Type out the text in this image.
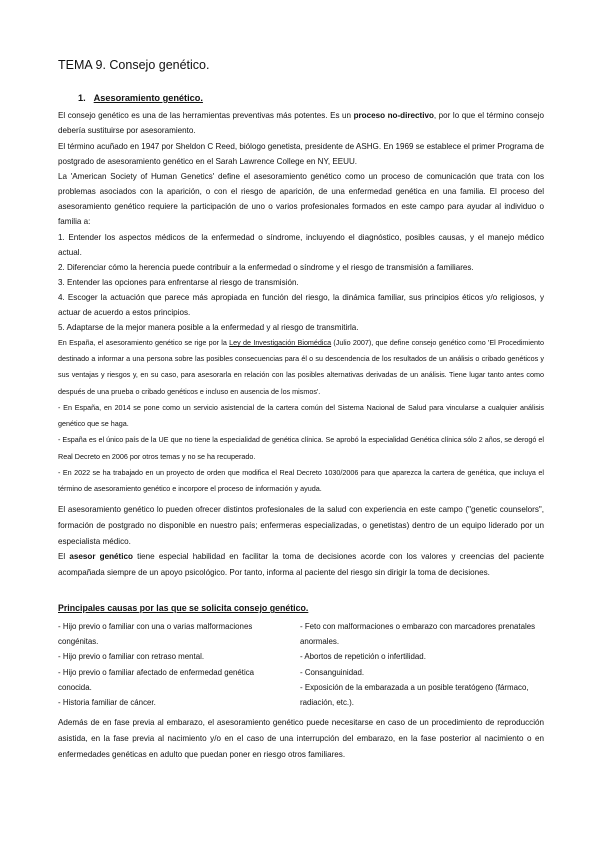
TEMA 9. Consejo genético.
1. Asesoramiento genético.
El consejo genético es una de las herramientas preventivas más potentes. Es un proceso no-directivo, por lo que el término consejo debería sustituirse por asesoramiento.
El término acuñado en 1947 por Sheldon C Reed, biólogo genetista, presidente de ASHG. En 1969 se establece el primer Programa de postgrado de asesoramiento genético en el Sarah Lawrence College en NY, EEUU.
La 'American Society of Human Genetics' define el asesoramiento genético como un proceso de comunicación que trata con los problemas asociados con la aparición, o con el riesgo de aparición, de una enfermedad genética en una familia. El proceso del asesoramiento genético requiere la participación de uno o varios profesionales formados en este campo para ayudar al individuo o familia a:

1. Entender los aspectos médicos de la enfermedad o síndrome, incluyendo el diagnóstico, posibles causas, y el manejo médico actual.

2. Diferenciar cómo la herencia puede contribuir a la enfermedad o síndrome y el riesgo de transmisión a familiares.

3. Entender las opciones para enfrentarse al riesgo de transmisión.

4. Escoger la actuación que parece más apropiada en función del riesgo, la dinámica familiar, sus principios éticos y/o religiosos, y actuar de acuerdo a estos principios.

5. Adaptarse de la mejor manera posible a la enfermedad y al riesgo de transmitirla.

En España, el asesoramiento genético se rige por la Ley de Investigación Biomédica (Julio 2007), que define consejo genético como 'El Procedimiento destinado a informar a una persona sobre las posibles consecuencias para él o su descendencia de los resultados de un análisis o cribado genéticos y sus ventajas y riesgos y, en su caso, para asesorarla en relación con las posibles alternativas derivadas de un análisis. Tiene lugar tanto antes como después de una prueba o cribado genéticos e incluso en ausencia de los mismos'.

- En España, en 2014 se pone como un servicio asistencial de la cartera común del Sistema Nacional de Salud para vincularse a cualquier análisis genético que se haga.

- España es el único país de la UE que no tiene la especialidad de genética clínica. Se aprobó la especialidad Genética clínica sólo 2 años, se derogó el Real Decreto en 2006 por otros temas y no se ha recuperado.

- En 2022 se ha trabajado en un proyecto de orden que modifica el Real Decreto 1030/2006 para que aparezca la cartera de genética, que incluya el término de asesoramiento genético e incorpore el proceso de información y ayuda.

El asesoramiento genético lo pueden ofrecer distintos profesionales de la salud con experiencia en este campo ("genetic counselors", formación de postgrado no disponible en nuestro país; enfermeras especializadas, o genetistas) dentro de un equipo liderado por un especialista médico.
El asesor genético tiene especial habilidad en facilitar la toma de decisiones acorde con los valores y creencias del paciente acompañada siempre de un apoyo psicológico. Por tanto, informa al paciente del riesgo sin dirigir la toma de decisiones.
Principales causas por las que se solicita consejo genético.

- Hijo previo o familiar con una o varias malformaciones congénitas.

- Hijo previo o familiar con retraso mental.

- Hijo previo o familiar afectado de enfermedad genética conocida.

- Historia familiar de cáncer.

- Feto con malformaciones o embarazo con marcadores prenatales anormales.

- Abortos de repetición o infertilidad.

- Consanguinidad.

- Exposición de la embarazada a un posible teratógeno (fármaco, radiación, etc.).

Además de en fase previa al embarazo, el asesoramiento genético puede necesitarse en caso de un procedimiento de reproducción asistida, en la fase previa al nacimiento y/o en el caso de una interrupción del embarazo, en la fase posterior al nacimiento o en enfermedades genéticas en adulto que puedan poner en riesgo otros familiares.
